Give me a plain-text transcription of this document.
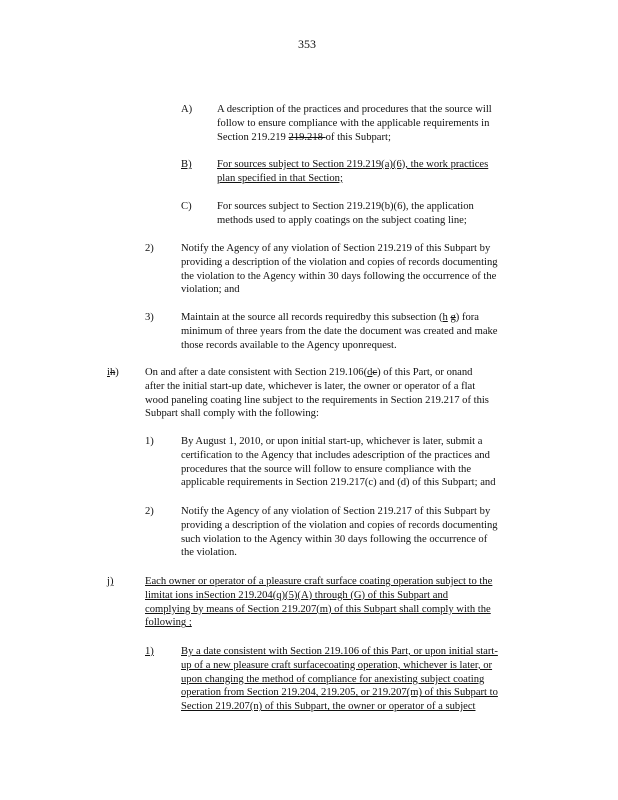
353
A) A description of the practices and procedures that the source will
follow to ensure compliance with the applicable requirements in
Section 219.219 219.218 of this Subpart;
B) For sources subject to Section 219.219(a)(6), the work practices
plan specified in that Section;
C) For sources subject to Section 219.219(b)(6), the application
methods used to apply coatings on the subject coating line;
2)	Notify the Agency of any violation of Section 219.219 of this Subpart by
providing a description of the violation and copies of records documenting
the violation to the Agency within 30 days following the occurrence of the
violation; and
3)	Maintain at the source all records requiredby this subsection (h g) fora
minimum of three years from the date the document was created and make
those records available to the Agency uponrequest.
ih) On and after a date consistent with Section 219.106(dc) of this Part, or onand
after the initial start-up date, whichever is later, the owner or operator of a flat
wood paneling coating line subject to the requirements in Section 219.217 of this
Subpart shall comply with the following:
1)	By August 1, 2010, or upon initial start-up, whichever is later, submit a
certification to the Agency that includes adescription of the practices and
procedures that the source will follow to ensure compliance with the
applicable requirements in Section 219.217(c) and (d) of this Subpart; and
2)	Notify the Agency of any violation of Section 219.217 of this Subpart by
providing a description of the violation and copies of records documenting
such violation to the Agency within 30 days following the occurrence of
the violation.
j)	Each owner or operator of a pleasure craft surface coating operation subject to the
limitat ions inSection 219.204(q)(5)(A) through (G) of this Subpart and
complying by means of Section 219.207(m) of this Subpart shall comply with the
following ;
1)	By a date consistent with Section 219.106 of this Part, or upon initial start-
up of a new pleasure craft surfacecoating operation, whichever is later, or
upon changing the method of compliance for anexisting subject coating
operation from Section 219.204, 219.205, or 219.207(m) of this Subpart to
Section 219.207(n) of this Subpart, the owner or operator of a subject
